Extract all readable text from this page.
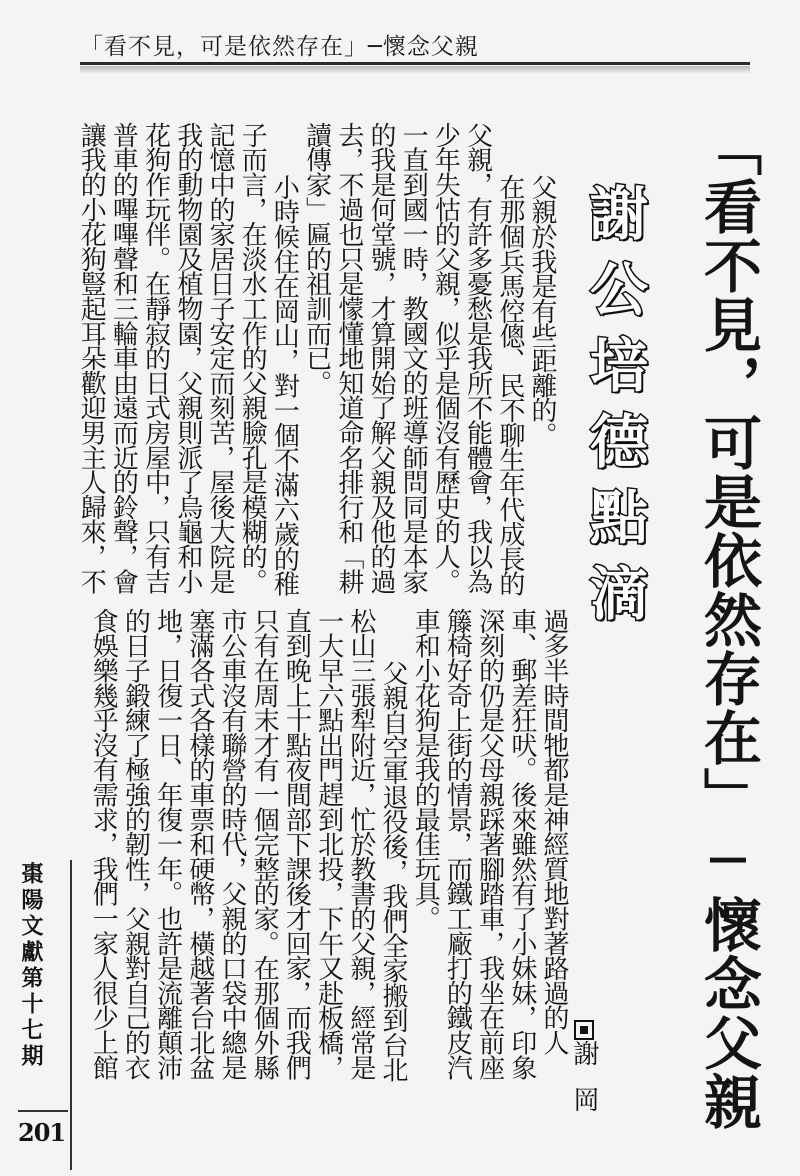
「看不見，可是依然存在」─懷念父親
「看不見，可是依然存在」─懷念父親
謝公培德點滴

謝岡

父親於我是有些距離的。
在那個兵馬倥傯、民不聊生年代成長的
父親，有許多憂愁是我所不能體會，我以為
少年失怙的父親，似乎是個沒有歷史的人。
一直到國一時，教國文的班導師問同是本家
的我是何堂號，才算開始了解父親及他的過
去，不過也只是懞懂地知道命名排行和「耕
讀傳家」匾的祖訓而已。
小時候住在岡山，對一個不滿六歲的稚
子而言，在淡水工作的父親臉孔是模糊的。
記憶中的家居日子安定而刻苦，屋後大院是
我的動物園及植物園，父親則派了烏龜和小
花狗作玩伴。在靜寂的日式房屋中，只有吉
普車的嗶嗶聲和三輪車由遠而近的鈴聲，會
讓我的小花狗豎起耳朵歡迎男主人歸來，不
過多半時間牠都是神經質地對著路過的人
車、郵差狂吠。後來雖然有了小妹妹，印象
深刻的仍是父母親踩著腳踏車，我坐在前座
籐椅好奇上街的情景，而鐵工廠打的鐵皮汽
車和小花狗是我的最佳玩具。
父親自空軍退役後，我們全家搬到台北
松山三張犁附近，忙於教書的父親，經常是
一大早六點出門趕到北投，下午又赴板橋，
直到晚上十點夜間部下課後才回家，而我們
只有在周末才有一個完整的家。在那個外縣
市公車沒有聯營的時代，父親的口袋中總是
塞滿各式各樣的車票和硬幣，橫越著台北盆
地，日復一日、年復一年。也許是流離顛沛
的日子鍛練了極強的韌性，父親對自己的衣
食娛樂幾乎沒有需求，我們一家人很少上館
棗陽文獻第十七期
201
